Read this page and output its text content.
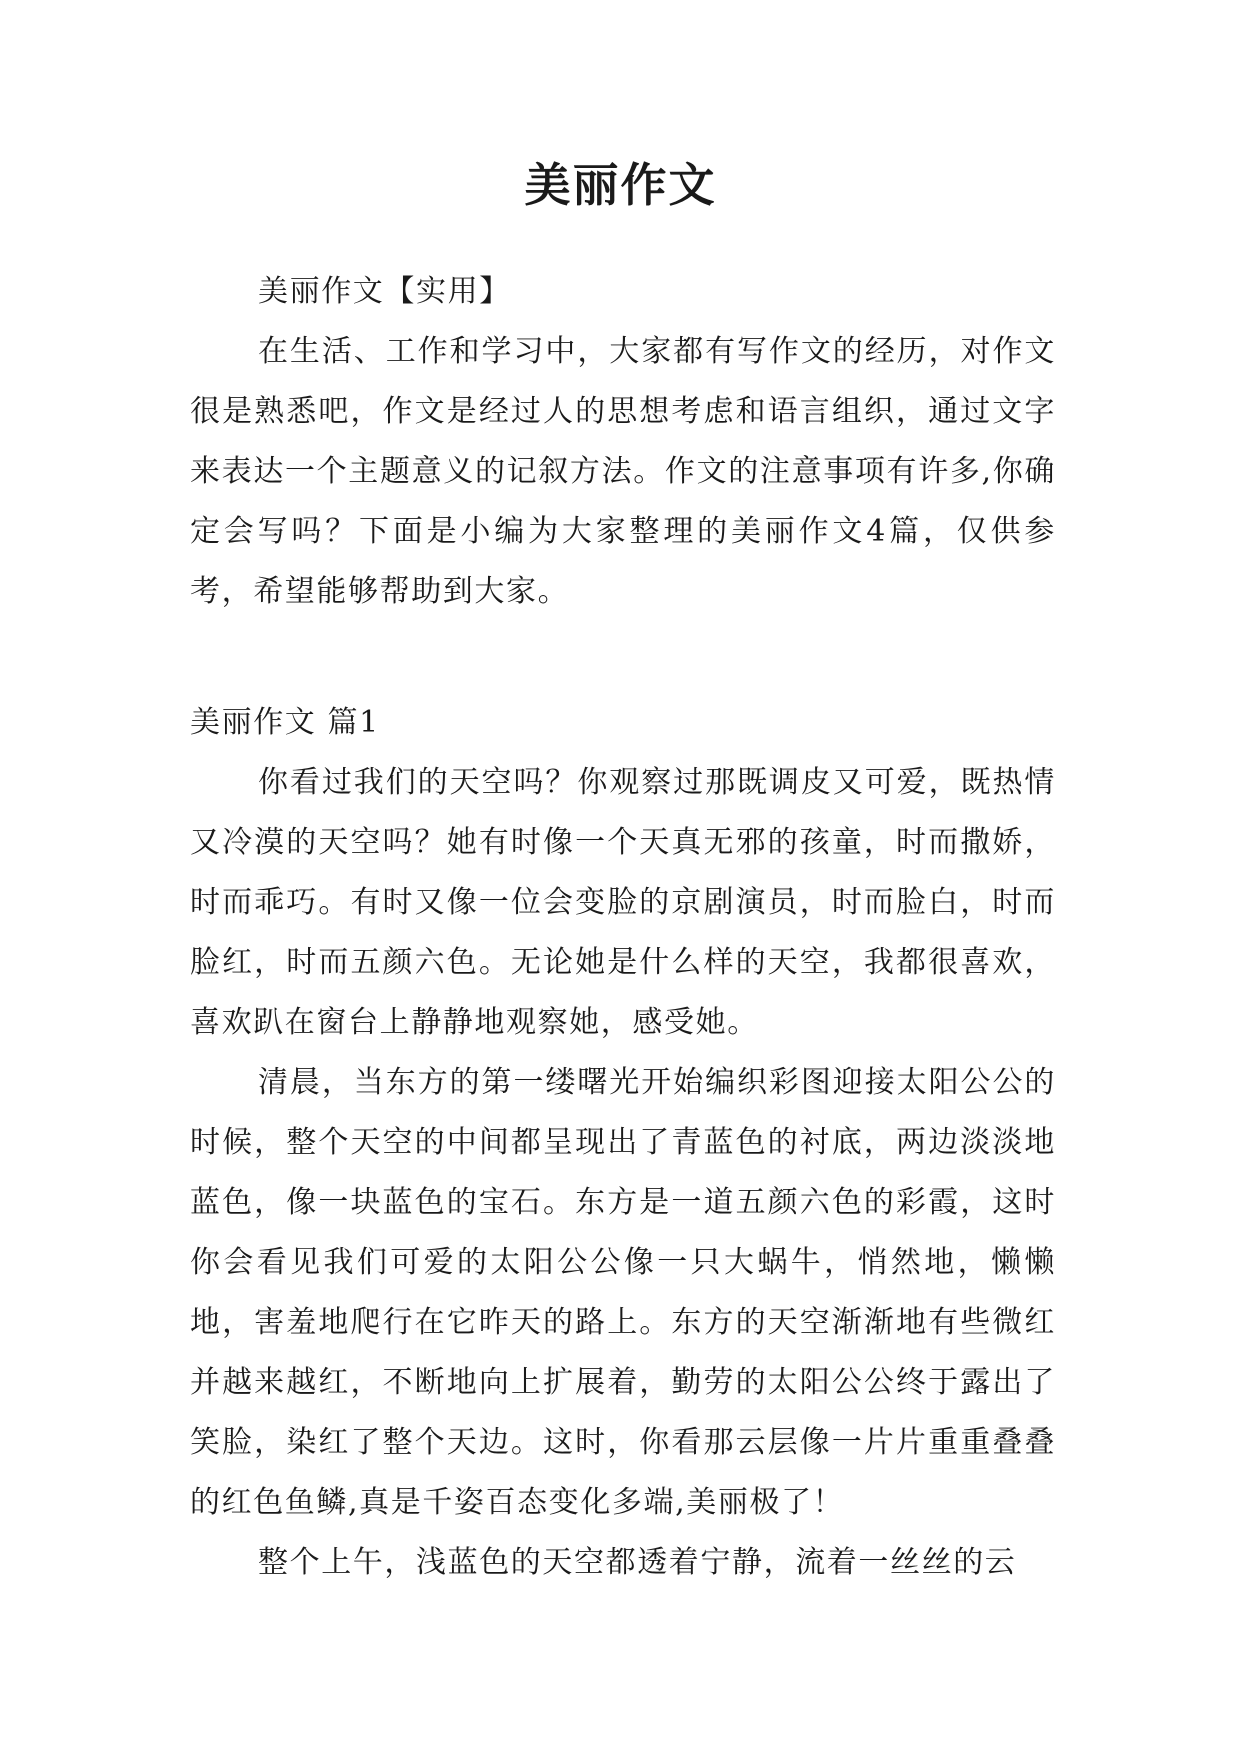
美丽作文

美丽作文【实用】

在生活、工作和学习中，大家都有写作文的经历，对作文很是熟悉吧，作文是经过人的思想考虑和语言组织，通过文字来表达一个主题意义的记叙方法。作文的注意事项有许多,你确定会写吗？下面是小编为大家整理的美丽作文4篇，仅供参考，希望能够帮助到大家。

美丽作文 篇1

你看过我们的天空吗？你观察过那既调皮又可爱，既热情又冷漠的天空吗？她有时像一个天真无邪的孩童，时而撒娇，时而乖巧。有时又像一位会变脸的京剧演员，时而脸白，时而脸红，时而五颜六色。无论她是什么样的天空，我都很喜欢，喜欢趴在窗台上静静地观察她，感受她。

清晨，当东方的第一缕曙光开始编织彩图迎接太阳公公的时候，整个天空的中间都呈现出了青蓝色的衬底，两边淡淡地蓝色，像一块蓝色的宝石。东方是一道五颜六色的彩霞，这时你会看见我们可爱的太阳公公像一只大蜗牛，悄然地，懒懒地，害羞地爬行在它昨天的路上。东方的天空渐渐地有些微红并越来越红，不断地向上扩展着，勤劳的太阳公公终于露出了笑脸，染红了整个天边。这时，你看那云层像一片片重重叠叠的红色鱼鳞,真是千姿百态变化多端,美丽极了！

整个上午，浅蓝色的天空都透着宁静，流着一丝丝的云
